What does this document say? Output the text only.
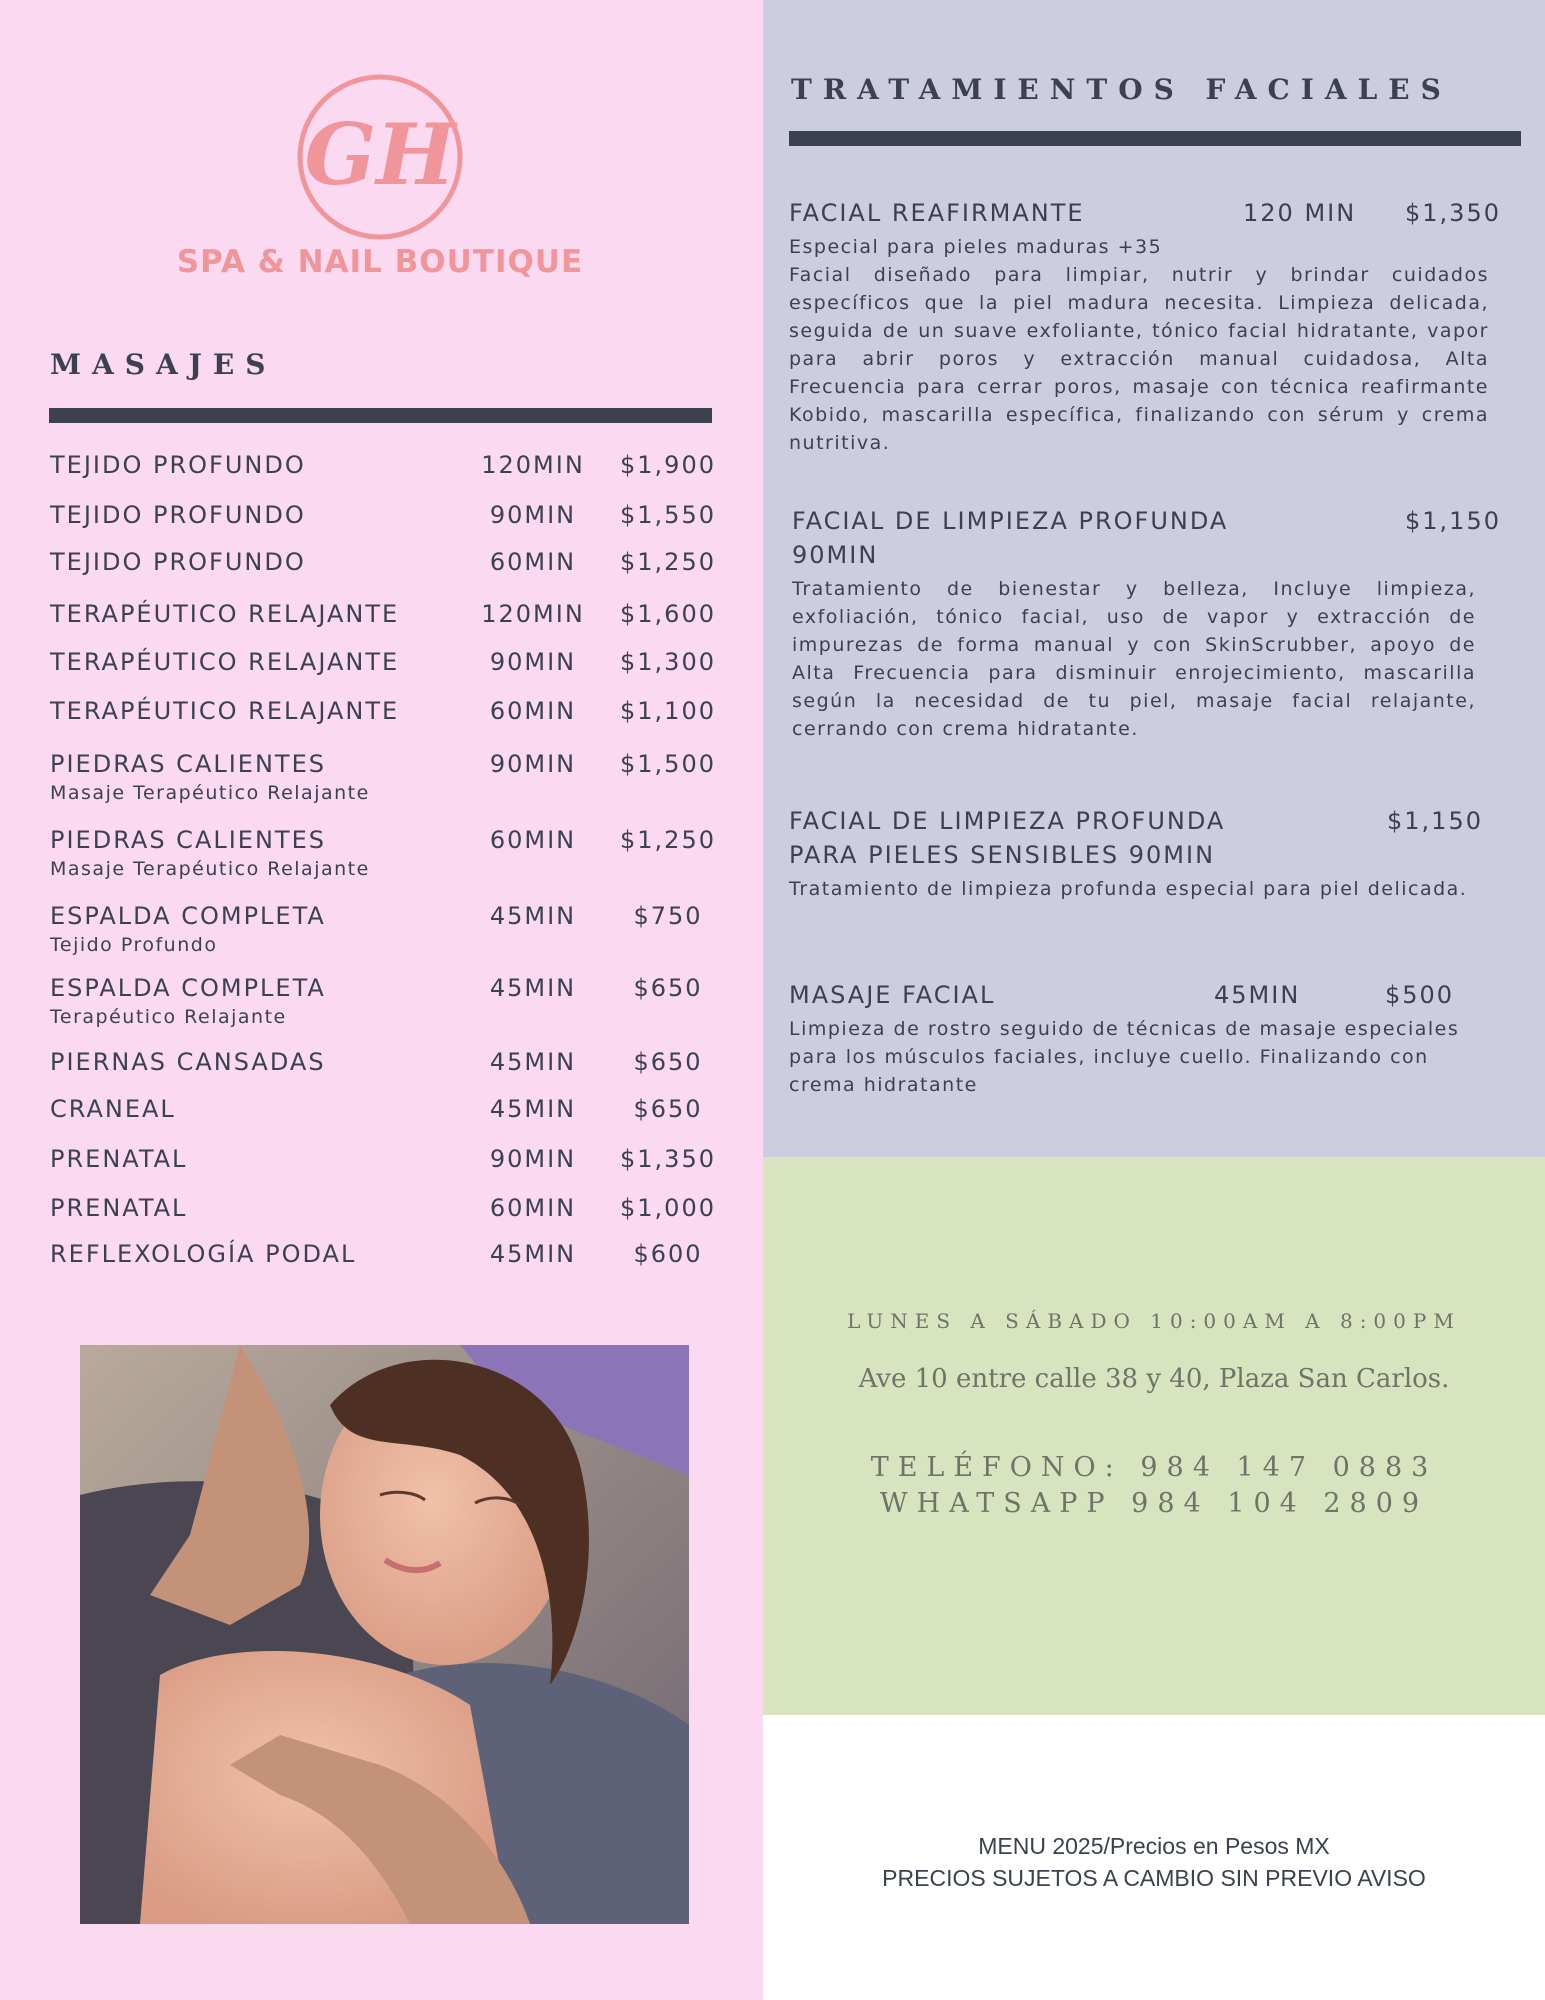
GH
SPA & NAIL BOUTIQUE
MASAJES
TEJIDO PROFUNDO	120MIN	$1,900
TEJIDO PROFUNDO	90MIN	$1,550
TEJIDO PROFUNDO	60MIN	$1,250
TERAPÉUTICO RELAJANTE	120MIN	$1,600
TERAPÉUTICO RELAJANTE	90MIN	$1,300
TERAPÉUTICO RELAJANTE	60MIN	$1,100
PIEDRAS CALIENTES	90MIN	$1,500
Masaje Terapéutico Relajante
PIEDRAS CALIENTES	60MIN	$1,250
Masaje Terapéutico Relajante
ESPALDA COMPLETA	45MIN	$750
Tejido Profundo
ESPALDA COMPLETA	45MIN	$650
Terapéutico Relajante
PIERNAS CANSADAS	45MIN	$650
CRANEAL	45MIN	$650
PRENATAL	90MIN	$1,350
PRENATAL	60MIN	$1,000
REFLEXOLOGÍA PODAL	45MIN	$600
TRATAMIENTOS FACIALES
FACIAL REAFIRMANTE	120 MIN $1,350
Especial para pieles maduras +35
Facial diseñado para limpiar, nutrir y brindar cuidados específicos que la piel madura necesita. Limpieza delicada, seguida de un suave exfoliante, tónico facial hidratante, vapor para abrir poros y extracción manual cuidadosa, Alta Frecuencia para cerrar poros, masaje con técnica reafirmante Kobido, mascarilla específica, finalizando con sérum y crema nutritiva.
FACIAL DE LIMPIEZA PROFUNDA	$1,150
90MIN
Tratamiento de bienestar y belleza, Incluye limpieza, exfoliación, tónico facial, uso de vapor y extracción de impurezas de forma manual y con SkinScrubber, apoyo de Alta Frecuencia para disminuir enrojecimiento, mascarilla según la necesidad de tu piel, masaje facial relajante, cerrando con crema hidratante.
FACIAL DE LIMPIEZA PROFUNDA	$1,150
PARA PIELES SENSIBLES 90MIN
Tratamiento de limpieza profunda especial para piel delicada.
MASAJE FACIAL	45MIN	$500
Limpieza de rostro seguido de técnicas de masaje especiales para los músculos faciales, incluye cuello. Finalizando con crema hidratante
LUNES A SÁBADO 10:00AM A 8:00PM
Ave 10 entre calle 38 y 40, Plaza San Carlos.
TELÉFONO: 984 147 0883
WHATSAPP 984 104 2809
MENU 2025/Precios en Pesos MX
PRECIOS SUJETOS A CAMBIO SIN PREVIO AVISO
